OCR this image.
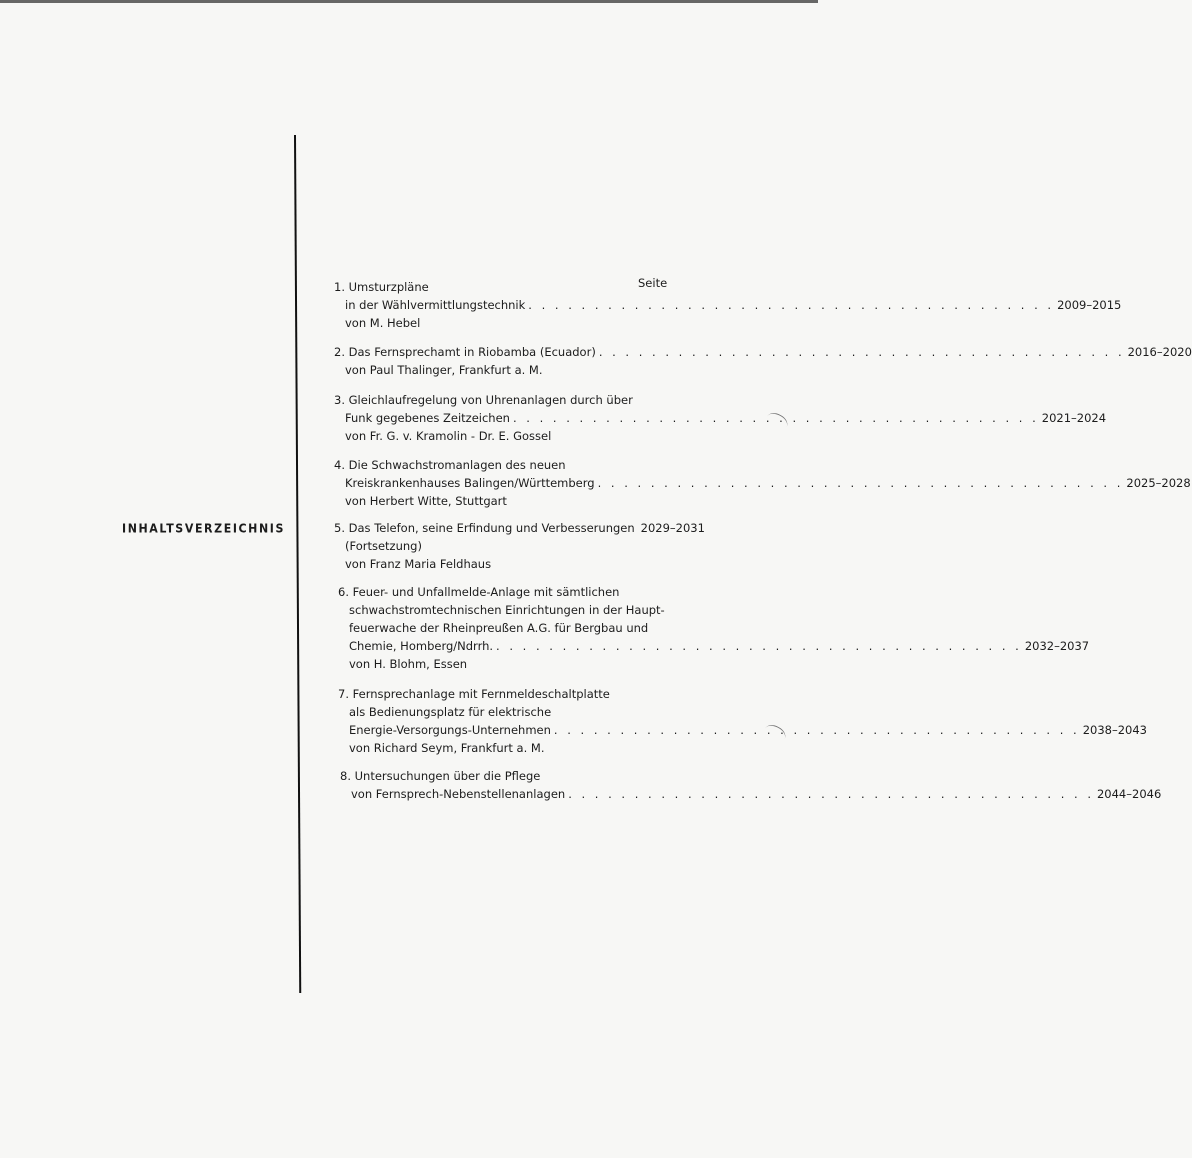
INHALTSVERZEICHNIS
Seite
1. Umsturzpläne
in der Wählvermittlungstechnik . . . . . . . . . . . . . . . . . . . . . . . . . . . . . . . . . . . . . . . . 2009–2015
von M. Hebel
2. Das Fernsprechamt in Riobamba (Ecuador) . . . . . . . . . . . . . . . . . . . . . . . . . . . . . . . . . . . . . . . . 2016–2020
von Paul Thalinger, Frankfurt a. M.
3. Gleichlaufregelung von Uhrenanlagen durch über
Funk gegebenes Zeitzeichen . . . . . . . . . . . . . . . . . . . . . . . . . . . . . . . . . . . . . . . . 2021–2024
von Fr. G. v. Kramolin - Dr. E. Gossel
4. Die Schwachstromanlagen des neuen
Kreiskrankenhauses Balingen/Württemberg . . . . . . . . . . . . . . . . . . . . . . . . . . . . . . . . . . . . . . . . 2025–2028
von Herbert Witte, Stuttgart
5. Das Telefon, seine Erfindung und Verbesserungen 2029–2031
(Fortsetzung)
von Franz Maria Feldhaus
6. Feuer- und Unfallmelde-Anlage mit sämtlichen
schwachstromtechnischen Einrichtungen in der Haupt-
feuerwache der Rheinpreußen A.G. für Bergbau und
Chemie, Homberg/Ndrrh. . . . . . . . . . . . . . . . . . . . . . . . . . . . . . . . . . . . . . . . . 2032–2037
von H. Blohm, Essen
7. Fernsprechanlage mit Fernmeldeschaltplatte
als Bedienungsplatz für elektrische
Energie-Versorgungs-Unternehmen . . . . . . . . . . . . . . . . . . . . . . . . . . . . . . . . . . . . . . . . 2038–2043
von Richard Seym, Frankfurt a. M.
8. Untersuchungen über die Pflege
von Fernsprech-Nebenstellenanlagen . . . . . . . . . . . . . . . . . . . . . . . . . . . . . . . . . . . . . . . . 2044–2046
